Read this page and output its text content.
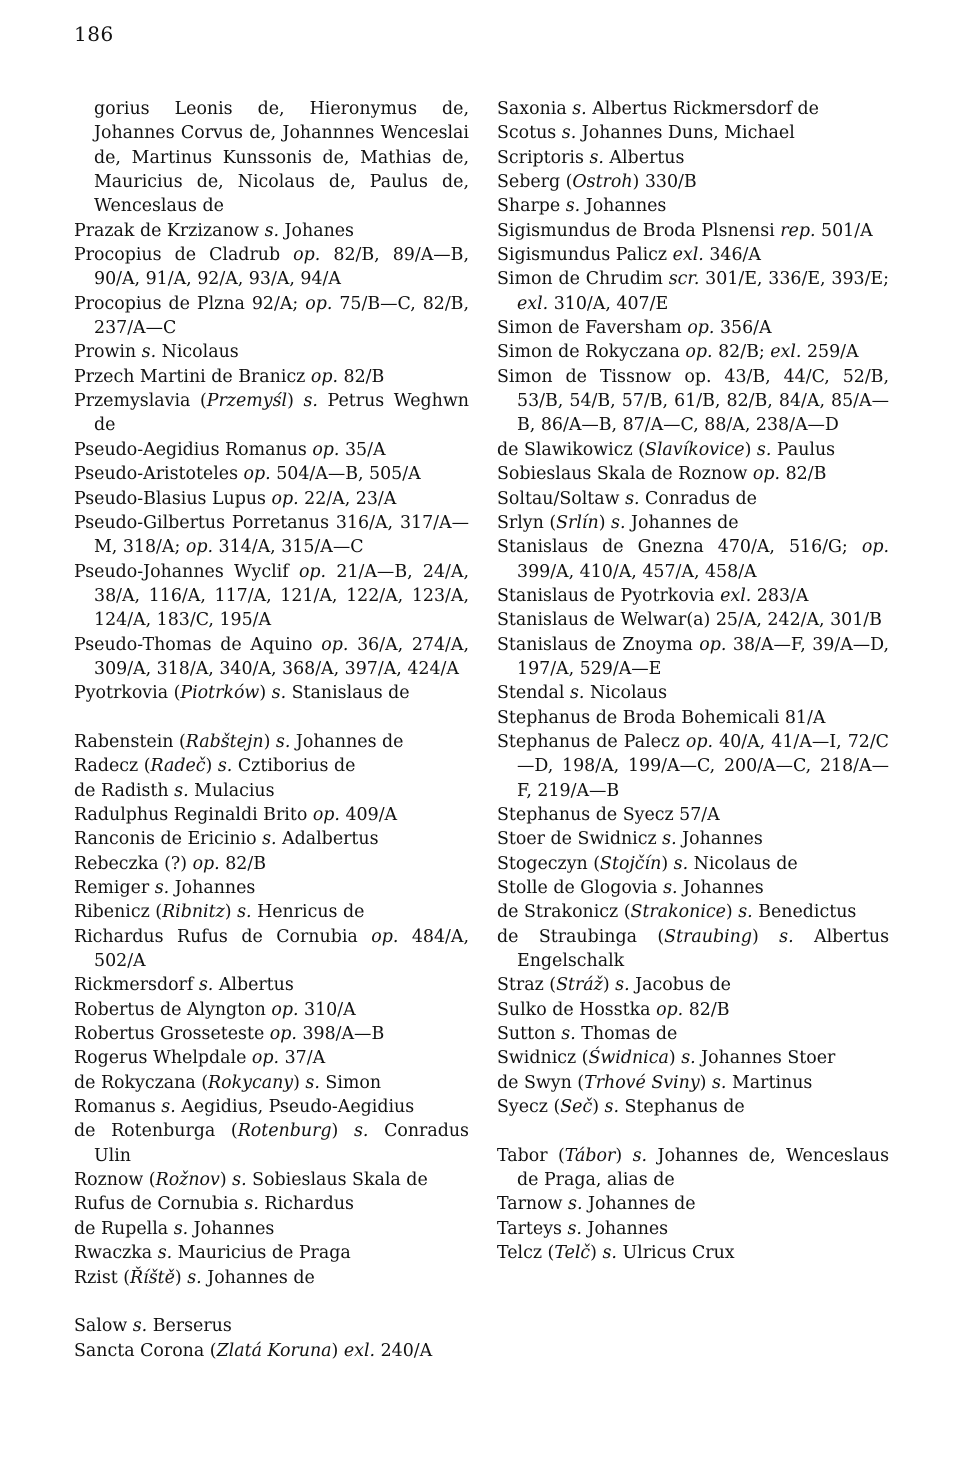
186

gorius Leonis de, Hieronymus de, Johannes Corvus de, Johannnes Wenceslai de, Martinus Kunssonis de, Mathias de, Mauricius de, Nicolaus de, Paulus de, Wenceslaus de

Prazak de Krzizanow s. Johanes

Procopius de Cladrub op. 82/B, 89/A—B, 90/A, 91/A, 92/A, 93/A, 94/A

Procopius de Plzna 92/A; op. 75/B—C, 82/B, 237/A—C

Prowin s. Nicolaus

Przech Martini de Branicz op. 82/B

Przemyslavia (Przemyśl) s. Petrus Weghwn de

Pseudo-Aegidius Romanus op. 35/A

Pseudo-Aristoteles op. 504/A—B, 505/A

Pseudo-Blasius Lupus op. 22/A, 23/A

Pseudo-Gilbertus Porretanus 316/A, 317/A—M, 318/A; op. 314/A, 315/A—C

Pseudo-Johannes Wyclif op. 21/A—B, 24/A, 38/A, 116/A, 117/A, 121/A, 122/A, 123/A, 124/A, 183/C, 195/A

Pseudo-Thomas de Aquino op. 36/A, 274/A, 309/A, 318/A, 340/A, 368/A, 397/A, 424/A

Pyotrkovia (Piotrków) s. Stanislaus de

Rabenstein (Rabštejn) s. Johannes de

Radecz (Radeč) s. Cztiborius de

de Radisth s. Mulacius

Radulphus Reginaldi Brito op. 409/A

Ranconis de Ericinio s. Adalbertus

Rebeczka (?) op. 82/B

Remiger s. Johannes

Ribenicz (Ribnitz) s. Henricus de

Richardus Rufus de Cornubia op. 484/A, 502/A

Rickmersdorf s. Albertus

Robertus de Alyngton op. 310/A

Robertus Grosseteste op. 398/A—B

Rogerus Whelpdale op. 37/A

de Rokyczana (Rokycany) s. Simon

Romanus s. Aegidius, Pseudo-Aegidius

de Rotenburga (Rotenburg) s. Conradus Ulin

Roznow (Rožnov) s. Sobieslaus Skala de

Rufus de Cornubia s. Richardus

de Rupella s. Johannes

Rwaczka s. Mauricius de Praga

Rzist (Říště) s. Johannes de

Salow s. Berserus

Sancta Corona (Zlatá Koruna) exl. 240/A

Saxonia s. Albertus Rickmersdorf de

Scotus s. Johannes Duns, Michael

Scriptoris s. Albertus

Seberg (Ostroh) 330/B

Sharpe s. Johannes

Sigismundus de Broda Plsnensi rep. 501/A

Sigismundus Palicz exl. 346/A

Simon de Chrudim scr. 301/E, 336/E, 393/E; exl. 310/A, 407/E

Simon de Faversham op. 356/A

Simon de Rokyczana op. 82/B; exl. 259/A

Simon de Tissnow op. 43/B, 44/C, 52/B, 53/B, 54/B, 57/B, 61/B, 82/B, 84/A, 85/A—B, 86/A—B, 87/A—C, 88/A, 238/A—D

de Slawikowicz (Slavíkovice) s. Paulus

Sobieslaus Skala de Roznow op. 82/B

Soltau/Soltaw s. Conradus de

Srlyn (Srlín) s. Johannes de

Stanislaus de Gnezna 470/A, 516/G; op. 399/A, 410/A, 457/A, 458/A

Stanislaus de Pyotrkovia exl. 283/A

Stanislaus de Welwar(a) 25/A, 242/A, 301/B

Stanislaus de Znoyma op. 38/A—F, 39/A—D, 197/A, 529/A—E

Stendal s. Nicolaus

Stephanus de Broda Bohemicali 81/A

Stephanus de Palecz op. 40/A, 41/A—I, 72/C—D, 198/A, 199/A—C, 200/A—C, 218/A—F, 219/A—B

Stephanus de Syecz 57/A

Stoer de Swidnicz s. Johannes

Stogeczyn (Stojčín) s. Nicolaus de

Stolle de Glogovia s. Johannes

de Strakonicz (Strakonice) s. Benedictus

de Straubinga (Straubing) s. Albertus Engelschalk

Straz (Stráž) s. Jacobus de

Sulko de Hosstka op. 82/B

Sutton s. Thomas de

Swidnicz (Świdnica) s. Johannes Stoer

de Swyn (Trhové Sviny) s. Martinus

Syecz (Seč) s. Stephanus de

Tabor (Tábor) s. Johannes de, Wenceslaus de Praga, alias de

Tarnow s. Johannes de

Tarteys s. Johannes

Telcz (Telč) s. Ulricus Crux
